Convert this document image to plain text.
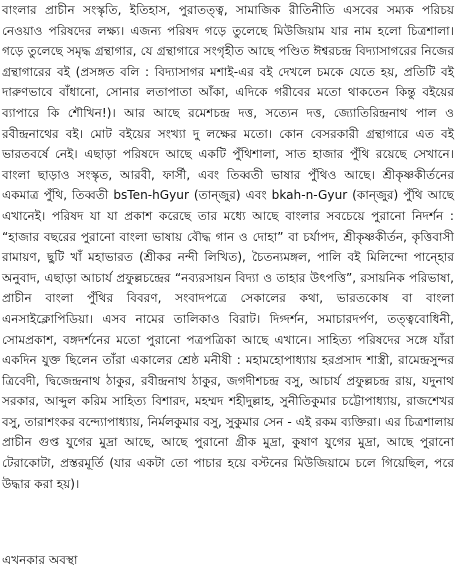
বাংলার প্রাচীন সংস্কৃতি, ইতিহাস, পুরাতত্ত্ব, সামাজিক রীতিনীতি এসবের সম্যক পরিচয় নেওয়াও পরিষদের লক্ষ্য। এজন্য পরিষদ গড়ে তুলেছে মিউজিয়াম যার নাম হলো চিত্রশালা। গড়ে তুলেছে সমৃদ্ধ গ্রন্থাগার, যে গ্রন্থাগারে সংগৃহীত আছে পণ্ডিত ঈশ্বরচন্দ্র বিদ্যাসাগরের নিজের গ্রন্থাগারের বই (প্রসঙ্গত বলি : বিদ্যাসাগর মশাই-এর বই দেখলে চমকে যেতে হয়, প্রতিটি বই দারুণভাবে বাঁধানো, সোনার লতাপাতা আঁকা, এদিকে গরীবের মতো থাকতেন কিন্তু বইয়ের ব্যাপারে কি শৌখিন!)। আর আছে রমেশচন্দ্র দত্ত, সত্যেন দত্ত, জ্যোতিরিন্দ্রনাথ পাল ও রবীন্দ্রনাথের বই। মোট বইয়ের সংখ্যা দু লক্ষের মতো। কোন বেসরকারী গ্রন্থাগারে এত বই ভারতবর্ষে নেই। এছাড়া পরিষদে আছে একটি পুঁথিশালা, সাত হাজার পুঁথি রয়েছে সেখানে। বাংলা ছাড়াও সংস্কৃত, আরবী, ফার্সী, এবং তিব্বতী ভাষার পুঁথিও আছে। শ্রীকৃষ্ণকীর্তনের একমাত্র পুঁথি, তিব্বতী bsTen-hGyur (তান্জুর) এবং bkah-n-Gyur (কান্জুর) পুঁথি আছে এখানেই। পরিষদ যা যা প্রকাশ করেছে তার মধ্যে আছে বাংলার সবচেয়ে পুরানো নিদর্শন : “হাজার বছরের পুরানো বাংলা ভাষায় বৌদ্ধ গান ও দোহা” বা চর্যাপদ, শ্রীকৃষ্ণকীর্তন, কৃত্তিবাসী রামায়ণ, ছুটি খাঁ মহাভারত (শ্রীকর নন্দী লিখিত), চৈতন্যমঙ্গল, পালি বই মিলিন্দো পান্হোর অনুবাদ, এছাড়া আচার্য প্রফুল্লচন্দ্রের “নব্যরসায়ন বিদ্যা ও তাহার উৎপত্তি”, রসায়নিক পরিভাষা, প্রাচীন বাংলা পুঁথির বিবরণ, সংবাদপত্রে সেকালের কথা, ভারতকোষ বা বাংলা এনসাইক্লোপিডিয়া। এসব নামের তালিকাও বিরাট। দিগ্দর্শন, সমাচারদর্পণ, তত্ত্ববোধিনী, সোমপ্রকাশ, বঙ্গদর্শনের মতো পুরানো পত্রপত্রিকা আছে এখানে। সাহিত্য পরিষদের সঙ্গে যাঁরা একদিন যুক্ত ছিলেন তাঁরা একালের শ্রেষ্ঠ মনীষী : মহামহোপাধ্যায় হরপ্রসাদ শাস্ত্রী, রামেন্দ্রসুন্দর ত্রিবেদী, দ্বিজেন্দ্রনাথ ঠাকুর, রবীন্দ্রনাথ ঠাকুর, জগদীশচন্দ্র বসু, আচার্য প্রফুল্লচন্দ্র রায়, যদুনাথ সরকার, আব্দুল করিম সাহিত্য বিশারদ, মহম্মদ শহীদুল্লাহ, সুনীতিকুমার চট্টোপাধ্যায়, রাজশেখর বসু, তারাশংকর বন্দ্যোপাধ্যায়, নির্মলকুমার বসু, সুকুমার সেন - এই রকম ব্যক্তিরা। এর চিত্রশালায় প্রাচীন গুপ্ত যুগের মুদ্রা আছে, আছে পুরানো গ্রীক মুদ্রা, কুষাণ যুগের মুদ্রা, আছে পুরানো টেরাকোটা, প্রস্তরমূর্তি (যার একটা তো পাচার হয়ে বস্টনের মিউজিয়ামে চলে গিয়েছিল, পরে উদ্ধার করা হয়)।

এখনকার অবস্থা
